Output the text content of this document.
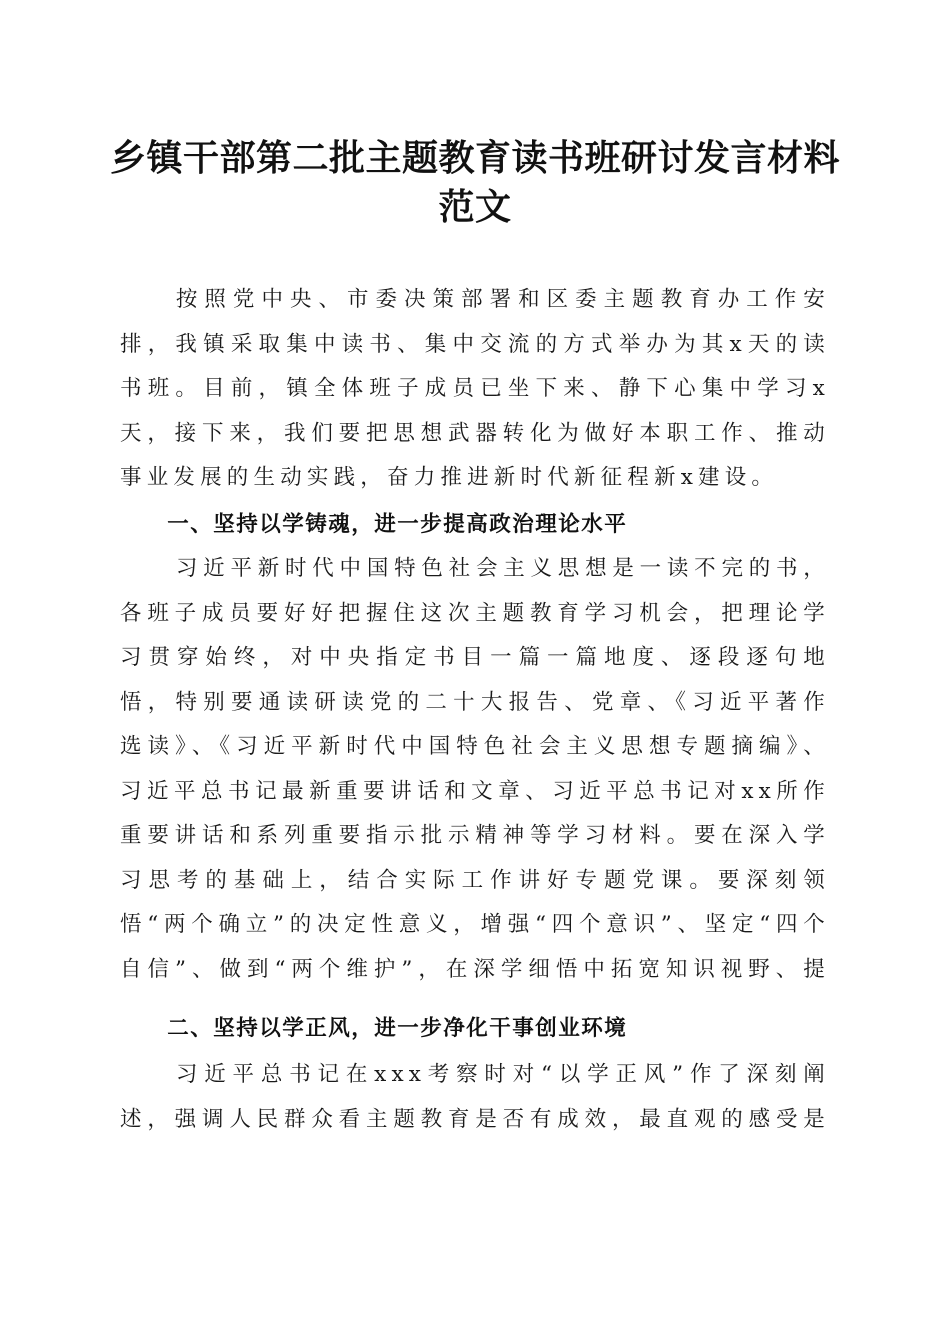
乡镇干部第二批主题教育读书班研讨发言材料
范文

按照党中央、市委决策部署和区委主题教育办工作安排，我镇采取集中读书、集中交流的方式举办为其x天的读书班。目前，镇全体班子成员已坐下来、静下心集中学习x天，接下来，我们要把思想武器转化为做好本职工作、推动事业发展的生动实践，奋力推进新时代新征程新x建设。

一、坚持以学铸魂，进一步提高政治理论水平

习近平新时代中国特色社会主义思想是一读不完的书，各班子成员要好好把握住这次主题教育学习机会，把理论学习贯穿始终，对中央指定书目一篇一篇地度、逐段逐句地悟，特别要通读研读党的二十大报告、党章、《习近平著作选读》、《习近平新时代中国特色社会主义思想专题摘编》、习近平总书记最新重要讲话和文章、习近平总书记对xx所作重要讲话和系列重要指示批示精神等学习材料。要在深入学习思考的基础上，结合实际工作讲好专题党课。要深刻领悟“两个确立”的决定性意义，增强“四个意识”、坚定“四个自信”、做到“两个维护”，在深学细悟中拓宽知识视野、提

二、坚持以学正风，进一步净化干事创业环境

习近平总书记在xxx考察时对“以学正风”作了深刻阐述，强调人民群众看主题教育是否有成效，最直观的感受是
